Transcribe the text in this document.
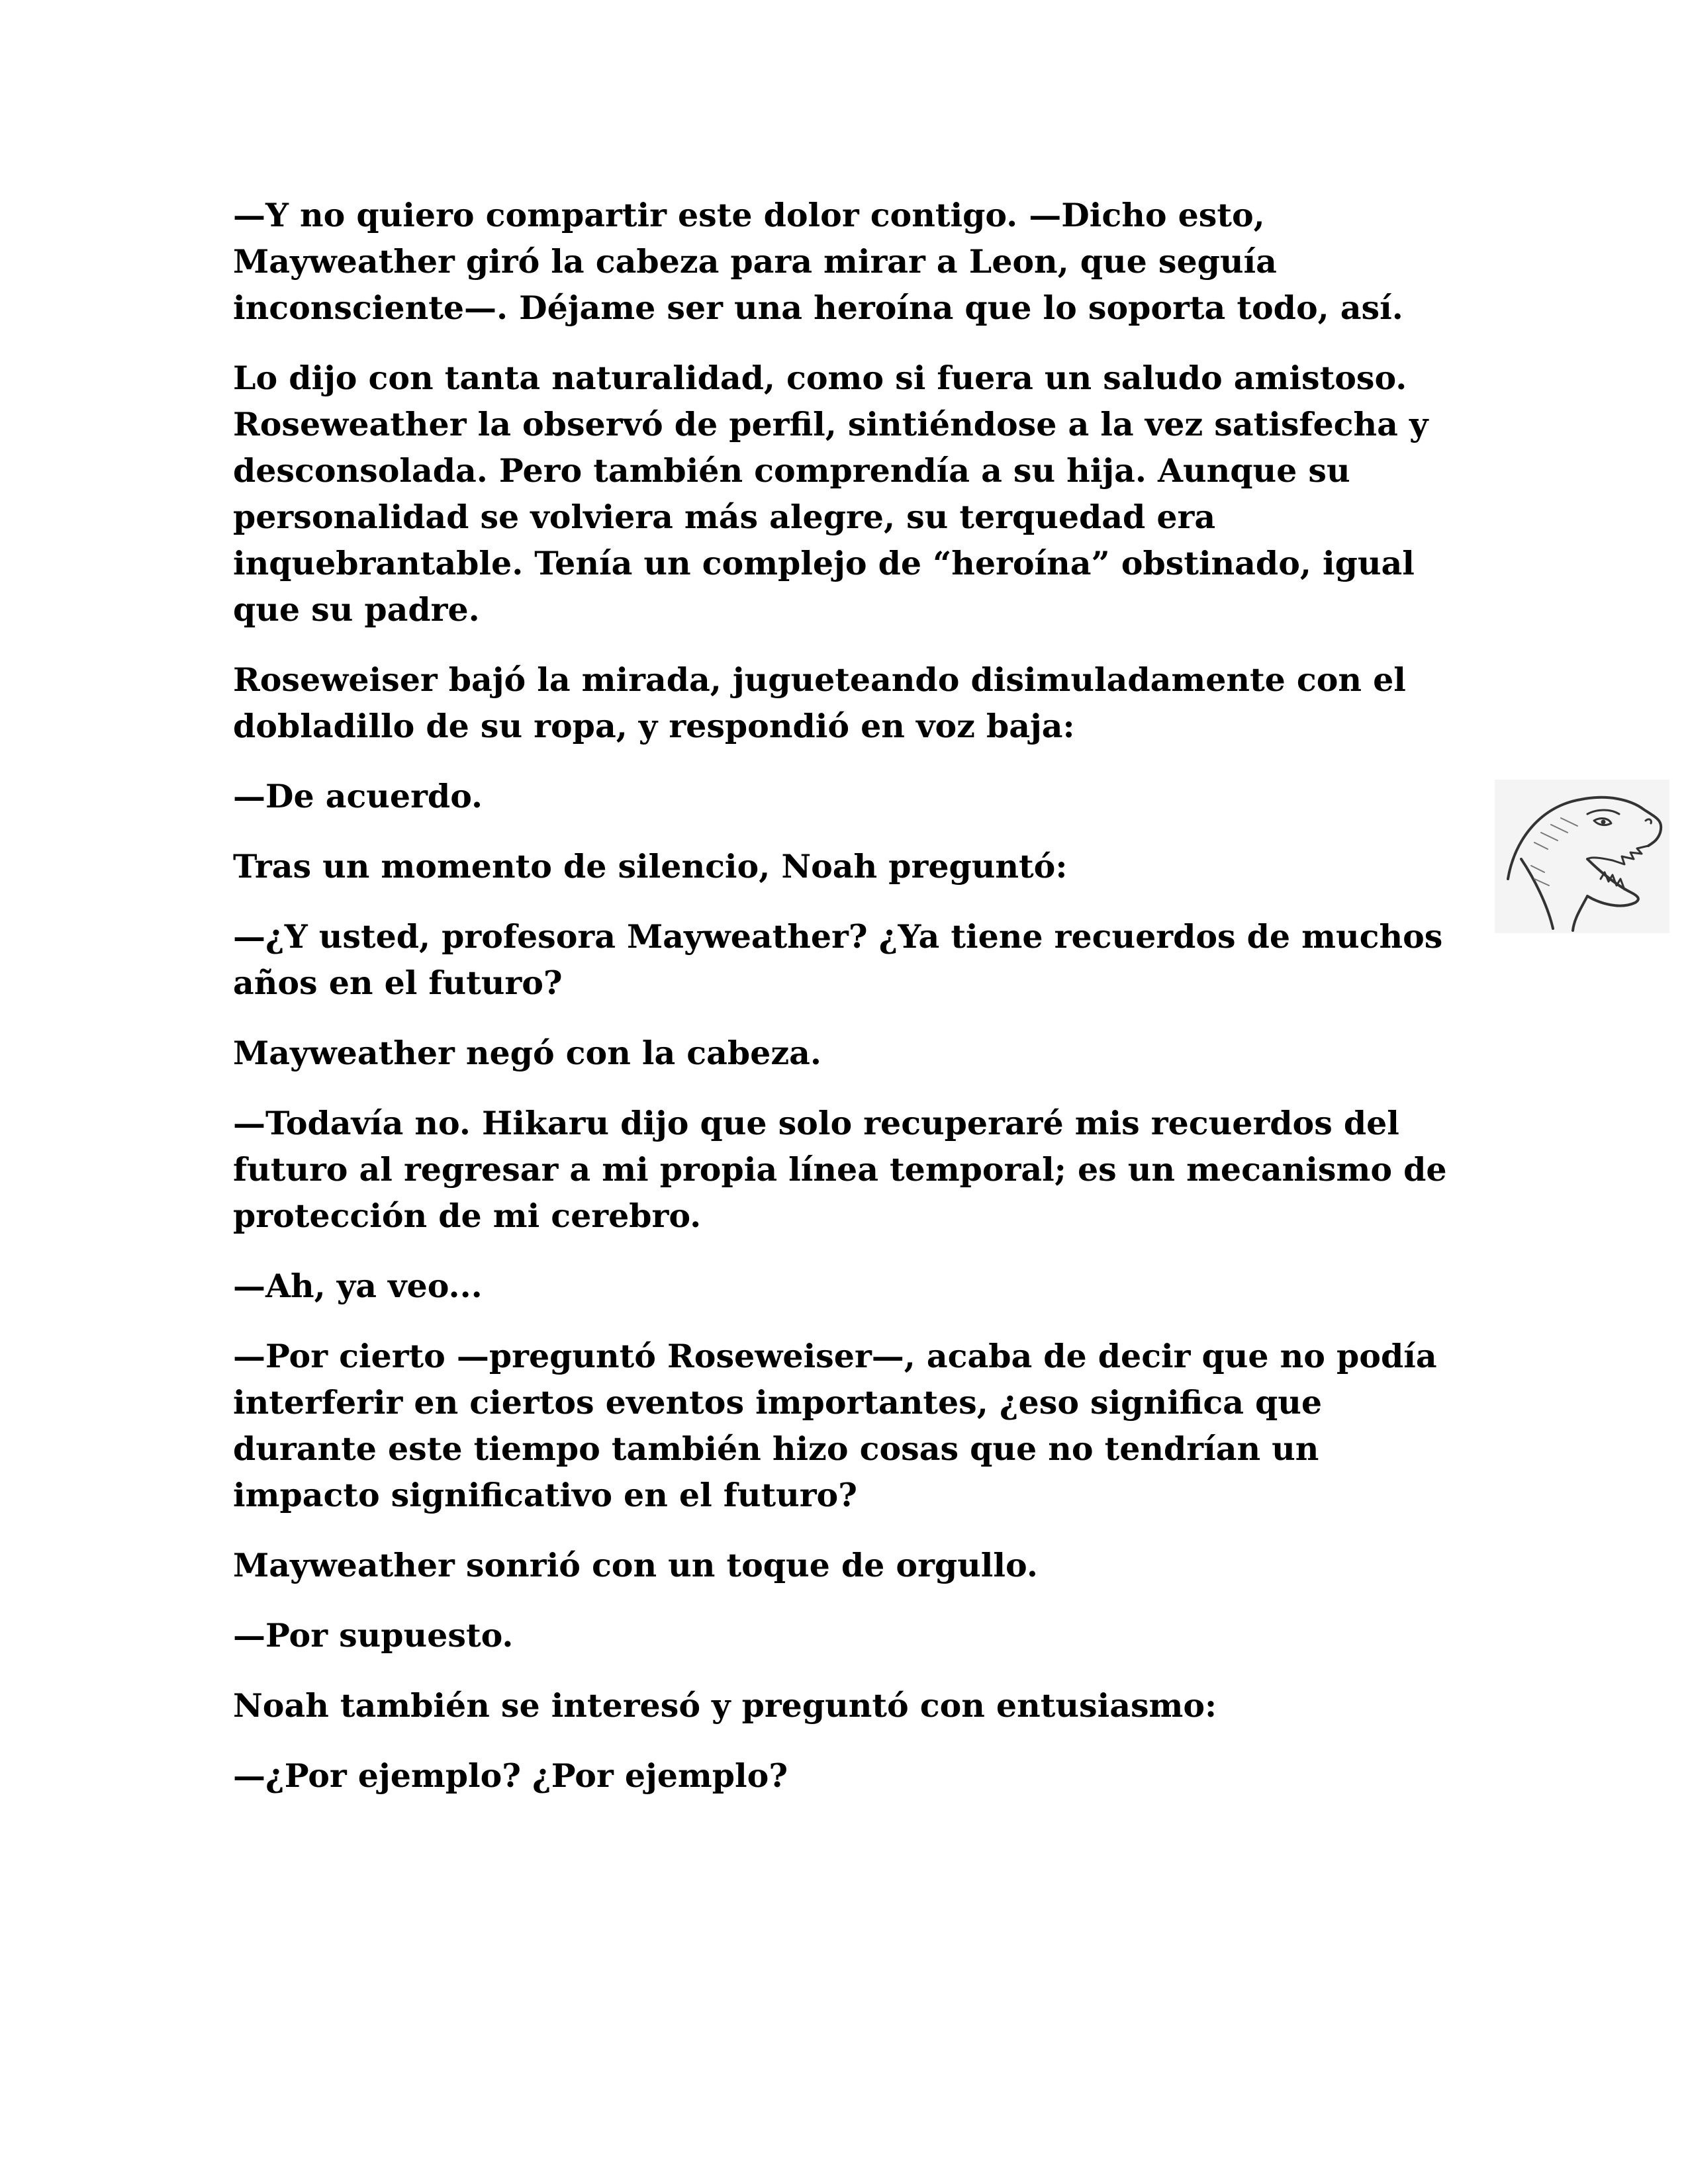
—Y no quiero compartir este dolor contigo. —Dicho esto, Mayweather giró la cabeza para mirar a Leon, que seguía inconsciente—. Déjame ser una heroína que lo soporta todo, así.

Lo dijo con tanta naturalidad, como si fuera un saludo amistoso. Roseweather la observó de perfil, sintiéndose a la vez satisfecha y desconsolada. Pero también comprendía a su hija. Aunque su personalidad se volviera más alegre, su terquedad era inquebrantable. Tenía un complejo de “heroína” obstinado, igual que su padre.

Roseweiser bajó la mirada, jugueteando disimuladamente con el dobladillo de su ropa, y respondió en voz baja:

—De acuerdo.

Tras un momento de silencio, Noah preguntó:

—¿Y usted, profesora Mayweather? ¿Ya tiene recuerdos de muchos años en el futuro?

Mayweather negó con la cabeza.

—Todavía no. Hikaru dijo que solo recuperaré mis recuerdos del futuro al regresar a mi propia línea temporal; es un mecanismo de protección de mi cerebro.

—Ah, ya veo...

—Por cierto —preguntó Roseweiser—, acaba de decir que no podía interferir en ciertos eventos importantes, ¿eso significa que durante este tiempo también hizo cosas que no tendrían un impacto significativo en el futuro?

Mayweather sonrió con un toque de orgullo.

—Por supuesto.

Noah también se interesó y preguntó con entusiasmo:

—¿Por ejemplo? ¿Por ejemplo?
